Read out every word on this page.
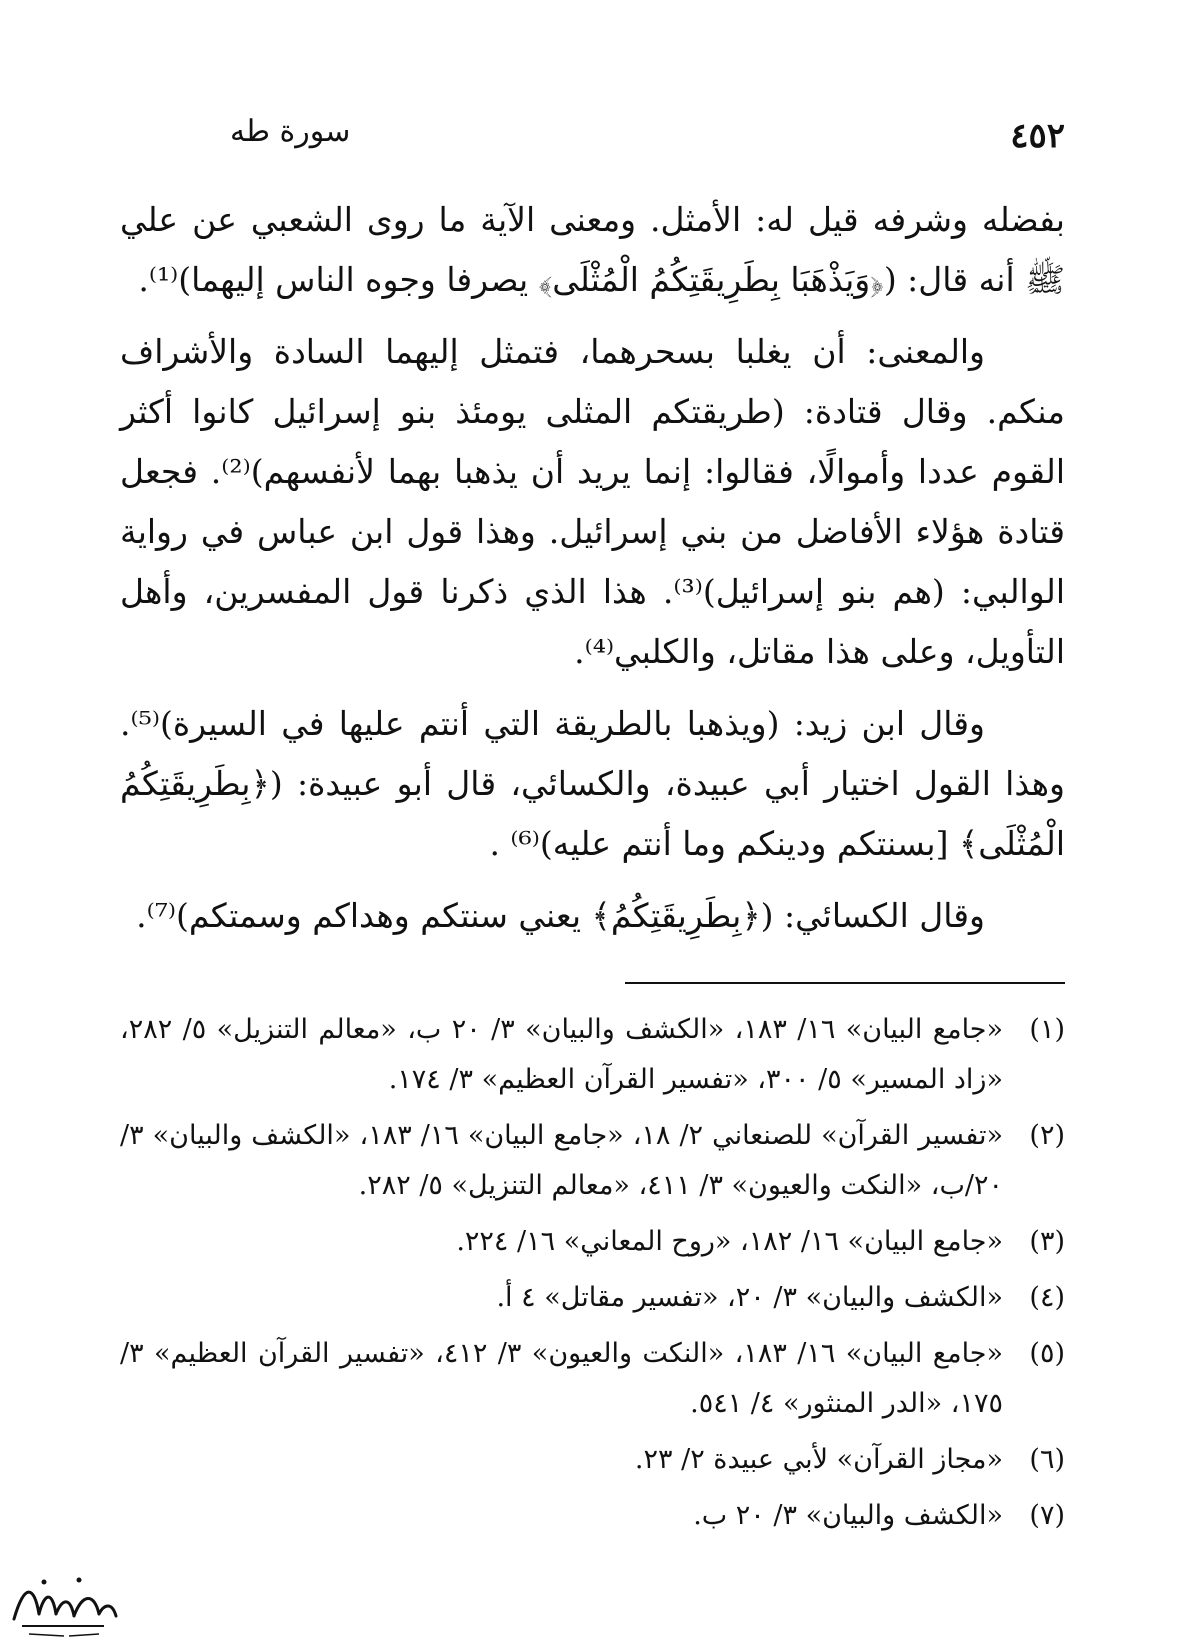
٤٥٢
سورة طه

بفضله وشرفه قيل له: الأمثل. ومعنى الآية ما روى الشعبي عن علي ﷺ أنه قال: (﴿وَيَذْهَبَا بِطَرِيقَتِكُمُ الْمُثْلَى﴾ يصرفا وجوه الناس إليهما)⁽¹⁾.

والمعنى: أن يغلبا بسحرهما، فتمثل إليهما السادة والأشراف منكم. وقال قتادة: (طريقتكم المثلى يومئذ بنو إسرائيل كانوا أكثر القوم عددا وأموالًا، فقالوا: إنما يريد أن يذهبا بهما لأنفسهم)⁽²⁾. فجعل قتادة هؤلاء الأفاضل من بني إسرائيل. وهذا قول ابن عباس في رواية الوالبي: (هم بنو إسرائيل)⁽³⁾. هذا الذي ذكرنا قول المفسرين، وأهل التأويل، وعلى هذا مقاتل، والكلبي⁽⁴⁾.

وقال ابن زيد: (ويذهبا بالطريقة التي أنتم عليها في السيرة)⁽⁵⁾. وهذا القول اختيار أبي عبيدة، والكسائي، قال أبو عبيدة: (﴿بِطَرِيقَتِكُمُ الْمُثْلَى﴾ [بسنتكم ودينكم وما أنتم عليه)⁽⁶⁾ .

وقال الكسائي: (﴿بِطَرِيقَتِكُمُ﴾ يعني سنتكم وهداكم وسمتكم)⁽⁷⁾.

(١)
«جامع البيان» ١٦/ ١٨٣، «الكشف والبيان» ٣/ ٢٠ ب، «معالم التنزيل» ٥/ ٢٨٢، «زاد المسير» ٥/ ٣٠٠، «تفسير القرآن العظيم» ٣/ ١٧٤.
(٢)
«تفسير القرآن» للصنعاني ٢/ ١٨، «جامع البيان» ١٦/ ١٨٣، «الكشف والبيان» ٣/ ٢٠/ب، «النكت والعيون» ٣/ ٤١١، «معالم التنزيل» ٥/ ٢٨٢.
(٣)
«جامع البيان» ١٦/ ١٨٢، «روح المعاني» ١٦/ ٢٢٤.
(٤)
«الكشف والبيان» ٣/ ٢٠، «تفسير مقاتل» ٤ أ.
(٥)
«جامع البيان» ١٦/ ١٨٣، «النكت والعيون» ٣/ ٤١٢، «تفسير القرآن العظيم» ٣/ ١٧٥، «الدر المنثور» ٤/ ٥٤١.
(٦)
«مجاز القرآن» لأبي عبيدة ٢/ ٢٣.
(٧)
«الكشف والبيان» ٣/ ٢٠ ب.
